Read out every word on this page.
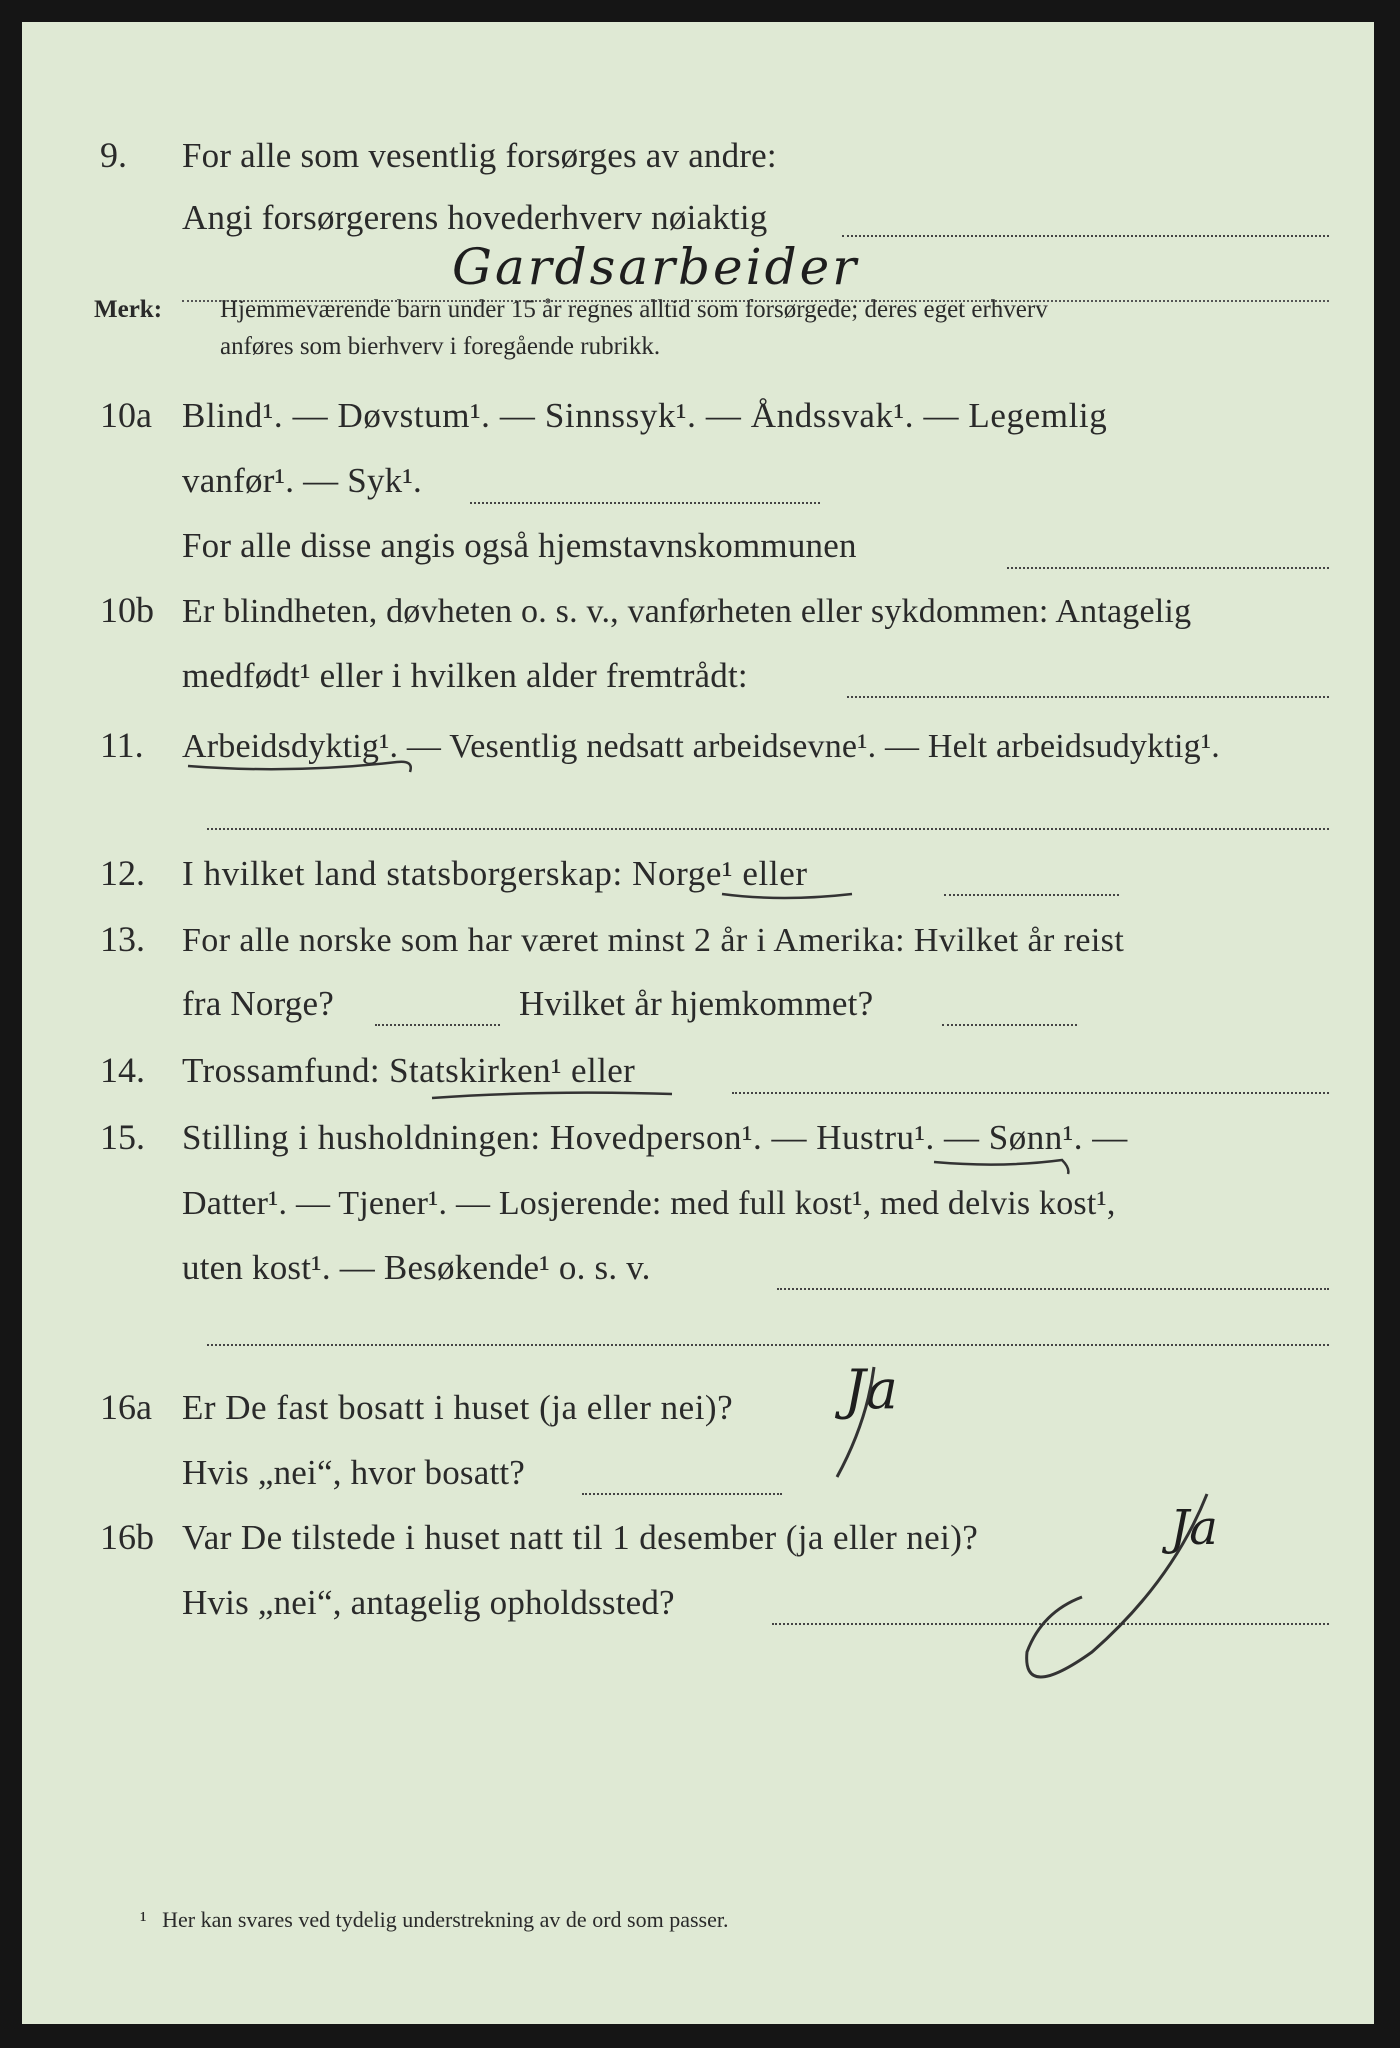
9. For alle som vesentlig forsørges av andre:
Angi forsørgerens hovederhverv nøiaktig
Gardsarbeider
Merk: Hjemmeværende barn under 15 år regnes alltid som forsørgede; deres eget erhverv
anføres som bierhverv i foregående rubrikk.
10a Blind¹. — Døvstum¹. — Sinnssyk¹. — Åndssvak¹. — Legemlig
vanfør¹. — Syk¹.
For alle disse angis også hjemstavnskommunen
10b Er blindheten, døvheten o. s. v., vanførheten eller sykdommen: Antagelig
medfødt¹ eller i hvilken alder fremtrådt:
11. Arbeidsdyktig¹. — Vesentlig nedsatt arbeidsevne¹. — Helt arbeidsudyktig¹.
12. I hvilket land statsborgerskap: Norge¹ eller
13. For alle norske som har været minst 2 år i Amerika: Hvilket år reist
fra Norge?	Hvilket år hjemkommet?
14. Trossamfund: Statskirken¹ eller
15. Stilling i husholdningen: Hovedperson¹. — Hustru¹. — Sønn¹. —
Datter¹. — Tjener¹. — Losjerende: med full kost¹, med delvis kost¹,
uten kost¹. — Besøkende¹ o. s. v.
16a Er De fast bosatt i huset (ja eller nei)? Ja
Hvis „nei“, hvor bosatt?
16b Var De tilstede i huset natt til 1 desember (ja eller nei)?	Ja
Hvis „nei“, antagelig opholdssted?
¹ Her kan svares ved tydelig understrekning av de ord som passer.
